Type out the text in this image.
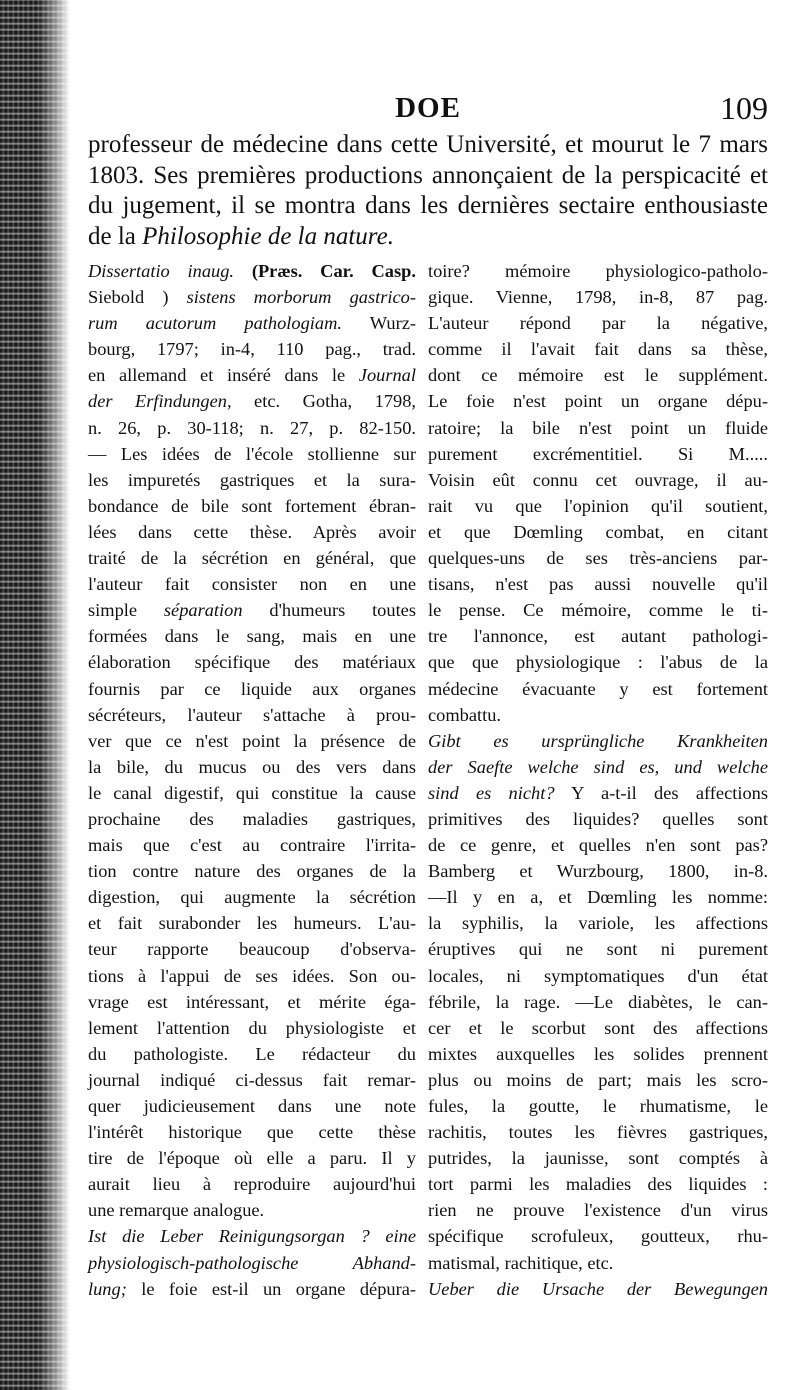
DOE	109
professeur de médecine dans cette Université, et mourut le 7 mars
1803. Ses premières productions annonçaient de la perspicacité et
du jugement, il se montra dans les dernières sectaire enthousiaste
de la Philosophie de la nature.
Dissertatio inaug. (Præs. Car. Casp.
Siebold ) sistens morborum gastrico-
rum acutorum pathologiam. Wurz-
bourg, 1797; in-4, 110 pag., trad.
en allemand et inséré dans le Journal
der Erfindungen, etc. Gotha, 1798,
n. 26, p. 30-118; n. 27, p. 82-150.
— Les idées de l'école stollienne sur
les impuretés gastriques et la sura-
bondance de bile sont fortement ébran-
lées dans cette thèse. Après avoir
traité de la sécrétion en général, que
l'auteur fait consister non en une
simple séparation d'humeurs toutes
formées dans le sang, mais en une
élaboration spécifique des matériaux
fournis par ce liquide aux organes
sécréteurs, l'auteur s'attache à prou-
ver que ce n'est point la présence de
la bile, du mucus ou des vers dans
le canal digestif, qui constitue la cause
prochaine des maladies gastriques,
mais que c'est au contraire l'irrita-
tion contre nature des organes de la
digestion, qui augmente la sécrétion
et fait surabonder les humeurs. L'au-
teur rapporte beaucoup d'observa-
tions à l'appui de ses idées. Son ou-
vrage est intéressant, et mérite éga-
lement l'attention du physiologiste et
du pathologiste. Le rédacteur du
journal indiqué ci-dessus fait remar-
quer judicieusement dans une note
l'intérêt historique que cette thèse
tire de l'époque où elle a paru. Il y
aurait lieu à reproduire aujourd'hui
une remarque analogue.
Ist die Leber Reinigungsorgan ? eine
physiologisch-pathologische Abhand-
lung; le foie est-il un organe dépura-
toire? mémoire physiologico-patholo-
gique. Vienne, 1798, in-8, 87 pag.
L'auteur répond par la négative,
comme il l'avait fait dans sa thèse,
dont ce mémoire est le supplément.
Le foie n'est point un organe dépu-
ratoire; la bile n'est point un fluide
purement excrémentitiel. Si M.....
Voisin eût connu cet ouvrage, il au-
rait vu que l'opinion qu'il soutient,
et que Dœmling combat, en citant
quelques-uns de ses très-anciens par-
tisans, n'est pas aussi nouvelle qu'il
le pense. Ce mémoire, comme le ti-
tre l'annonce, est autant pathologi-
que que physiologique : l'abus de la
médecine évacuante y est fortement
combattu.
Gibt es ursprüngliche Krankheiten
der Saefte welche sind es, und welche
sind es nicht? Y a-t-il des affections
primitives des liquides? quelles sont
de ce genre, et quelles n'en sont pas?
Bamberg et Wurzbourg, 1800, in-8.
—Il y en a, et Dœmling les nomme:
la syphilis, la variole, les affections
éruptives qui ne sont ni purement
locales, ni symptomatiques d'un état
fébrile, la rage. —Le diabètes, le can-
cer et le scorbut sont des affections
mixtes auxquelles les solides prennent
plus ou moins de part; mais les scro-
fules, la goutte, le rhumatisme, le
rachitis, toutes les fièvres gastriques,
putrides, la jaunisse, sont comptés à
tort parmi les maladies des liquides :
rien ne prouve l'existence d'un virus
spécifique scrofuleux, goutteux, rhu-
matismal, rachitique, etc.
Ueber die Ursache der Bewegungen
